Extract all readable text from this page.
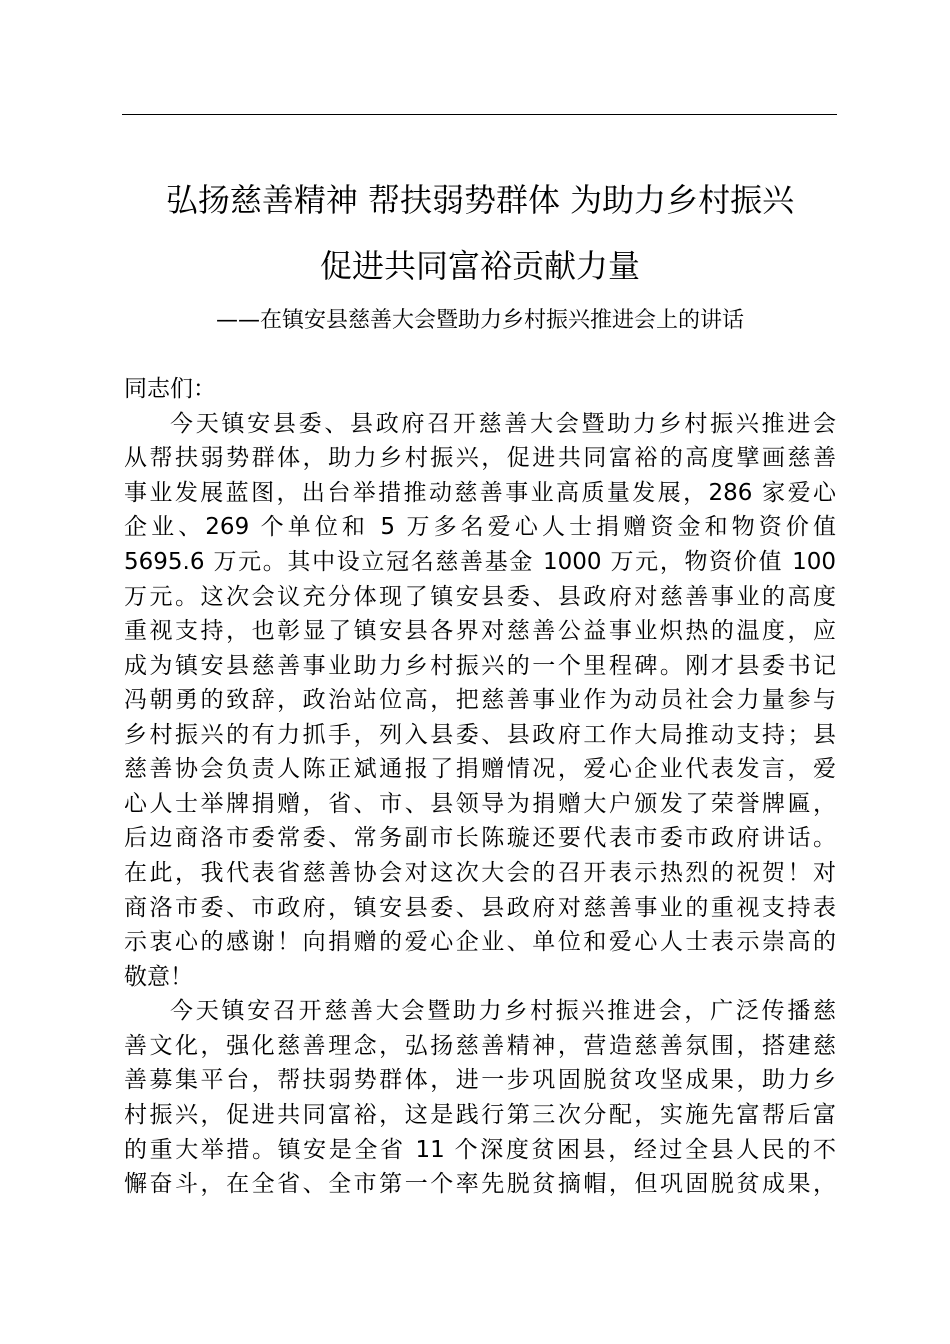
弘扬慈善精神 帮扶弱势群体 为助力乡村振兴
促进共同富裕贡献力量
——在镇安县慈善大会暨助力乡村振兴推进会上的讲话
同志们：
今天镇安县委、县政府召开慈善大会暨助力乡村振兴推进会
从帮扶弱势群体，助力乡村振兴，促进共同富裕的高度擘画慈善
事业发展蓝图，出台举措推动慈善事业高质量发展，286 家爱心
企业、269 个单位和 5 万多名爱心人士捐赠资金和物资价值
5695.6 万元。其中设立冠名慈善基金 1000 万元，物资价值 100
万元。这次会议充分体现了镇安县委、县政府对慈善事业的高度
重视支持，也彰显了镇安县各界对慈善公益事业炽热的温度，应
成为镇安县慈善事业助力乡村振兴的一个里程碑。刚才县委书记
冯朝勇的致辞，政治站位高，把慈善事业作为动员社会力量参与
乡村振兴的有力抓手，列入县委、县政府工作大局推动支持；县
慈善协会负责人陈正斌通报了捐赠情况，爱心企业代表发言，爱
心人士举牌捐赠，省、市、县领导为捐赠大户颁发了荣誉牌匾，
后边商洛市委常委、常务副市长陈璇还要代表市委市政府讲话。
在此，我代表省慈善协会对这次大会的召开表示热烈的祝贺！对
商洛市委、市政府，镇安县委、县政府对慈善事业的重视支持表
示衷心的感谢！向捐赠的爱心企业、单位和爱心人士表示崇高的
敬意！
今天镇安召开慈善大会暨助力乡村振兴推进会，广泛传播慈
善文化，强化慈善理念，弘扬慈善精神，营造慈善氛围，搭建慈
善募集平台，帮扶弱势群体，进一步巩固脱贫攻坚成果，助力乡
村振兴，促进共同富裕，这是践行第三次分配，实施先富帮后富
的重大举措。镇安是全省 11 个深度贫困县，经过全县人民的不
懈奋斗，在全省、全市第一个率先脱贫摘帽，但巩固脱贫成果，
